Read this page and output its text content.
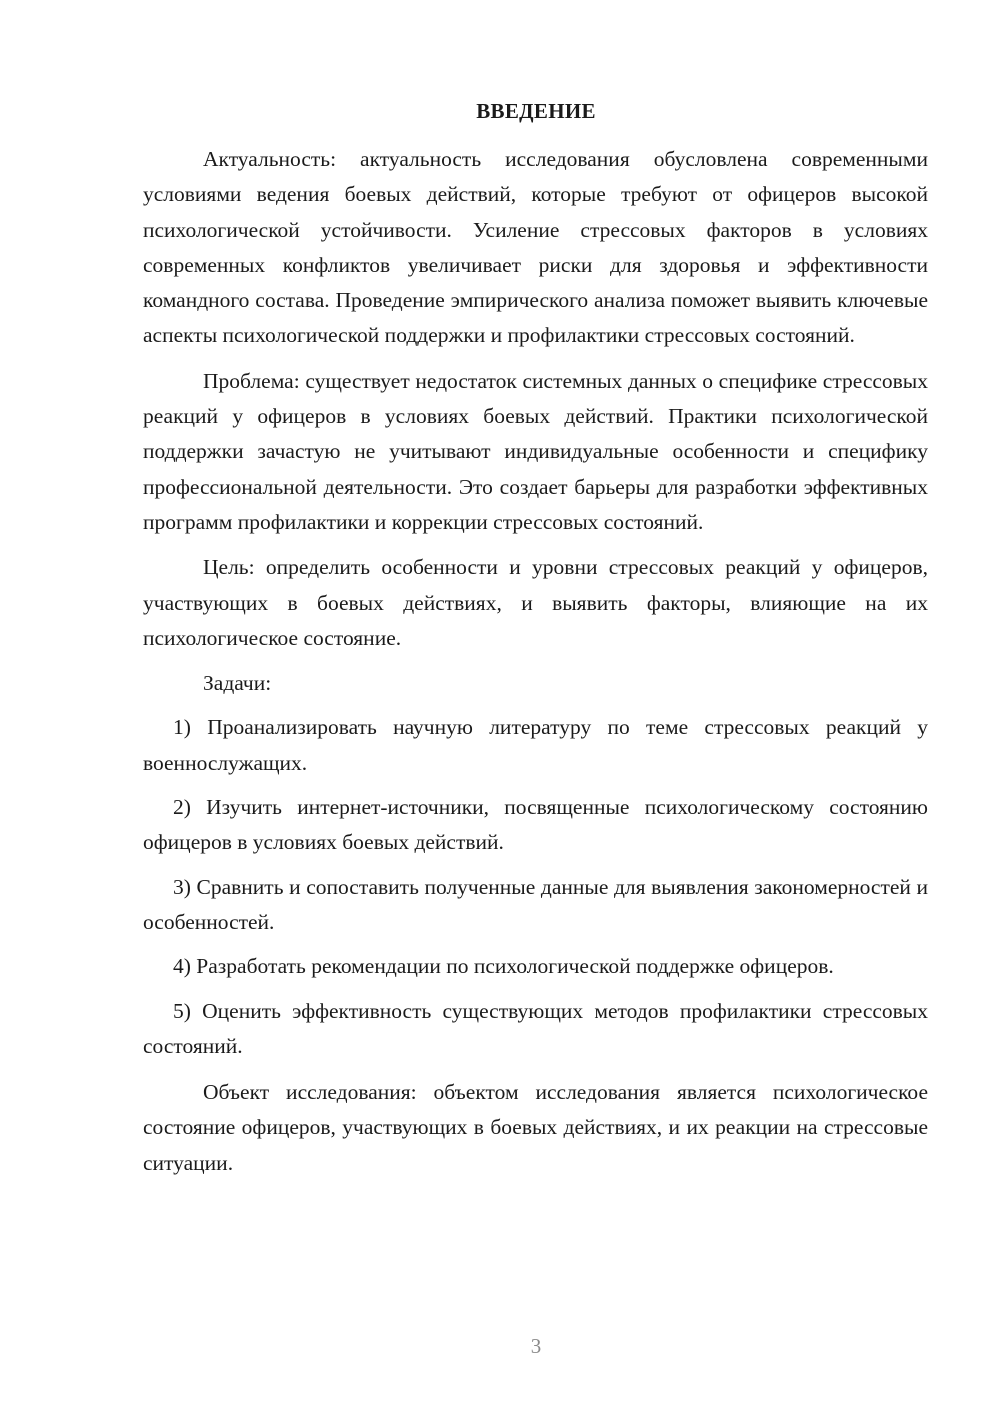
ВВЕДЕНИЕ

Актуальность: актуальность исследования обусловлена современными условиями ведения боевых действий, которые требуют от офицеров высокой психологической устойчивости. Усиление стрессовых факторов в условиях современных конфликтов увеличивает риски для здоровья и эффективности командного состава. Проведение эмпирического анализа поможет выявить ключевые аспекты психологической поддержки и профилактики стрессовых состояний.

Проблема: существует недостаток системных данных о специфике стрессовых реакций у офицеров в условиях боевых действий. Практики психологической поддержки зачастую не учитывают индивидуальные особенности и специфику профессиональной деятельности. Это создает барьеры для разработки эффективных программ профилактики и коррекции стрессовых состояний.

Цель: определить особенности и уровни стрессовых реакций у офицеров, участвующих в боевых действиях, и выявить факторы, влияющие на их психологическое состояние.

Задачи:

1) Проанализировать научную литературу по теме стрессовых реакций у военнослужащих.

2) Изучить интернет-источники, посвященные психологическому состоянию офицеров в условиях боевых действий.

3) Сравнить и сопоставить полученные данные для выявления закономерностей и особенностей.

4) Разработать рекомендации по психологической поддержке офицеров.

5) Оценить эффективность существующих методов профилактики стрессовых состояний.

Объект исследования: объектом исследования является психологическое состояние офицеров, участвующих в боевых действиях, и их реакции на стрессовые ситуации.

3
